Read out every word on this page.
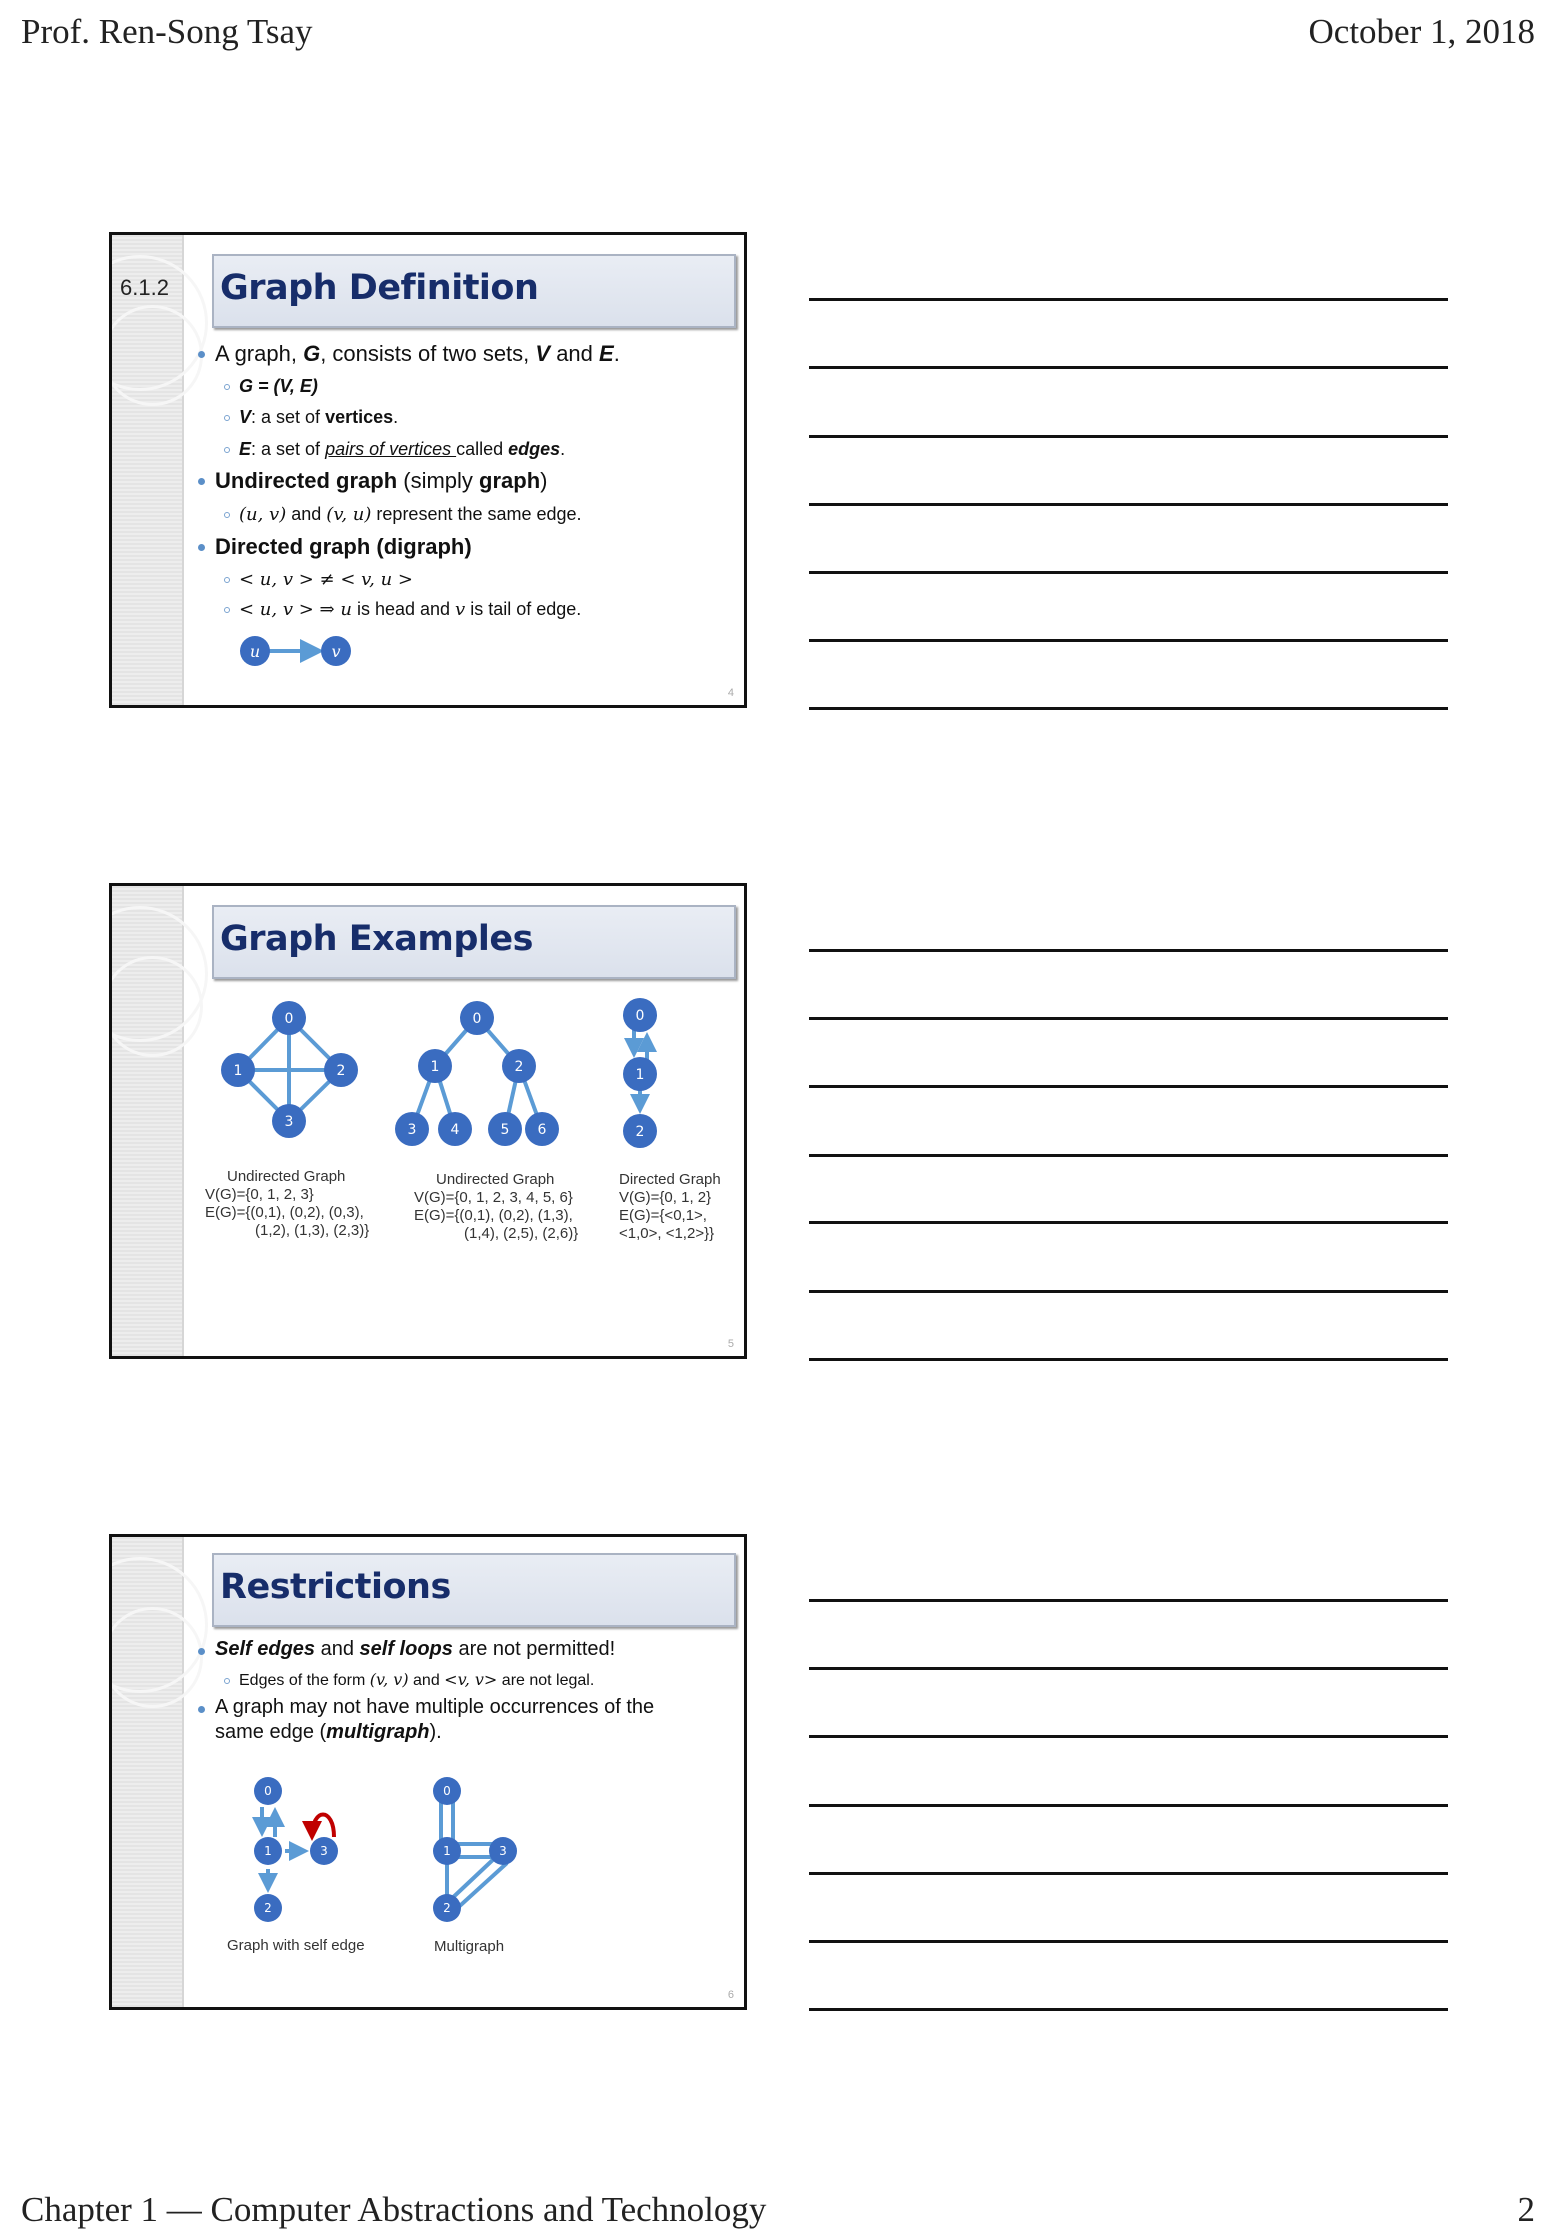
Prof. Ren-Song Tsay	October 1, 2018
6.1.2 Graph Definition
A graph, G, consists of two sets, V and E.
G = (V, E)
V: a set of vertices.
E: a set of pairs of vertices called edges.
Undirected graph (simply graph)
(u, v) and (v, u) represent the same edge.
Directed graph (digraph)
< u, v > ≠ < v, u >
< u, v > ⇒ u is head and v is tail of edge.
u	v
4
Graph Examples
0
1	2
3
0
1	2
3 4	5 6
0
1
2
Undirected Graph
V(G)={0, 1, 2, 3}
E(G)={(0,1), (0,2), (0,3),
(1,2), (1,3), (2,3)}
Undirected Graph
V(G)={0, 1, 2, 3, 4, 5, 6}
E(G)={(0,1), (0,2), (1,3),
(1,4), (2,5), (2,6)}
Directed Graph
V(G)={0, 1, 2}
E(G)={<0,1>,
<1,0>, <1,2>}}
5
Restrictions
Self edges and self loops are not permitted!
Edges of the form (v, v) and <v, v> are not legal.
A graph may not have multiple occurrences of the
same edge (multigraph).
0
1
2
3
0
1
2
3
Graph with self edge	Multigraph
6
Chapter 1 — Computer Abstractions and Technology	2
